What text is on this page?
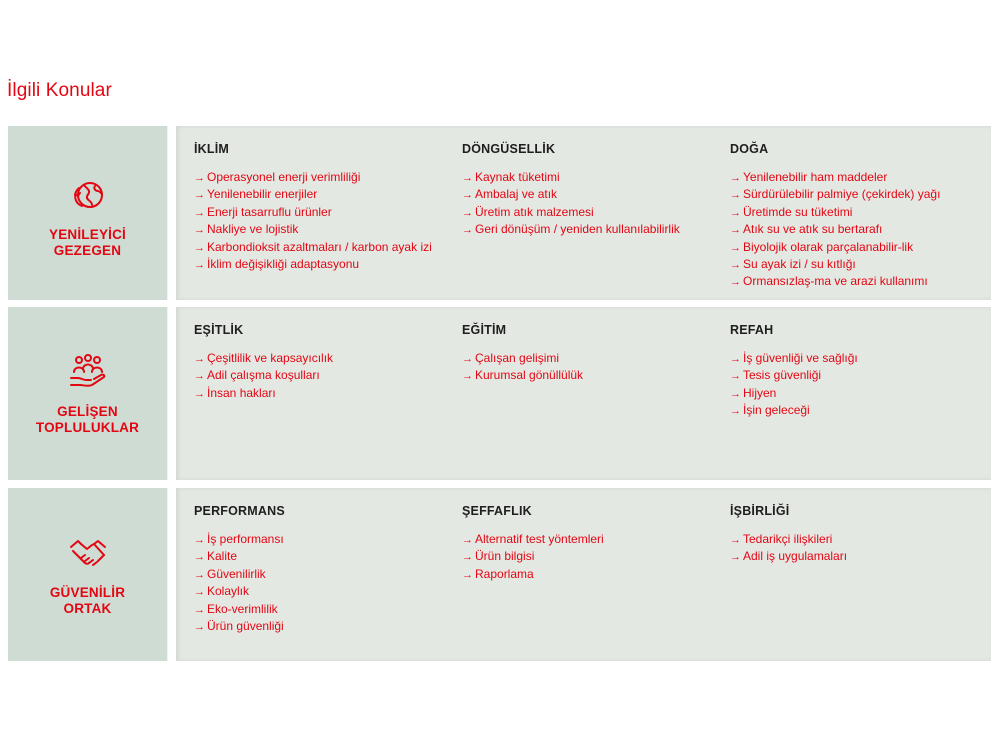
İlgili Konular
YENİLEYİCİ
GEZEGEN
İKLİM
→ Operasyonel enerji verimliliği
→ Yenilenebilir enerjiler
→ Enerji tasarruflu ürünler
→ Nakliye ve lojistik
→ Karbondioksit azaltmaları / karbon ayak izi
→ İklim değişikliği adaptasyonu
DÖNGÜSELLİK
→ Kaynak tüketimi
→ Ambalaj ve atık
→ Üretim atık malzemesi
→ Geri dönüşüm / yeniden kullanılabilirlik
DOĞA
→ Yenilenebilir ham maddeler
→ Sürdürülebilir palmiye (çekirdek) yağı
→ Üretimde su tüketimi
→ Atık su ve atık su bertarafı
→ Biyolojik olarak parçalanabilir-lik
→ Su ayak izi / su kıtlığı
→ Ormansızlaş-ma ve arazi kullanımı
GELİŞEN
TOPLULUKLAR
EŞİTLİK
→ Çeşitlilik ve kapsayıcılık
→ Adil çalışma koşulları
→ İnsan hakları
EĞİTİM
→ Çalışan gelişimi
→ Kurumsal gönüllülük
REFAH
→ İş güvenliği ve sağlığı
→ Tesis güvenliği
→ Hijyen
→ İşin geleceği
GÜVENİLİR
ORTAK
PERFORMANS
→ İş performansı
→ Kalite
→ Güvenilirlik
→ Kolaylık
→ Eko-verimlilik
→ Ürün güvenliği
ŞEFFAFLIK
→ Alternatif test yöntemleri
→ Ürün bilgisi
→ Raporlama
İŞBİRLİĞİ
→ Tedarikçi ilişkileri
→ Adil iş uygulamaları
